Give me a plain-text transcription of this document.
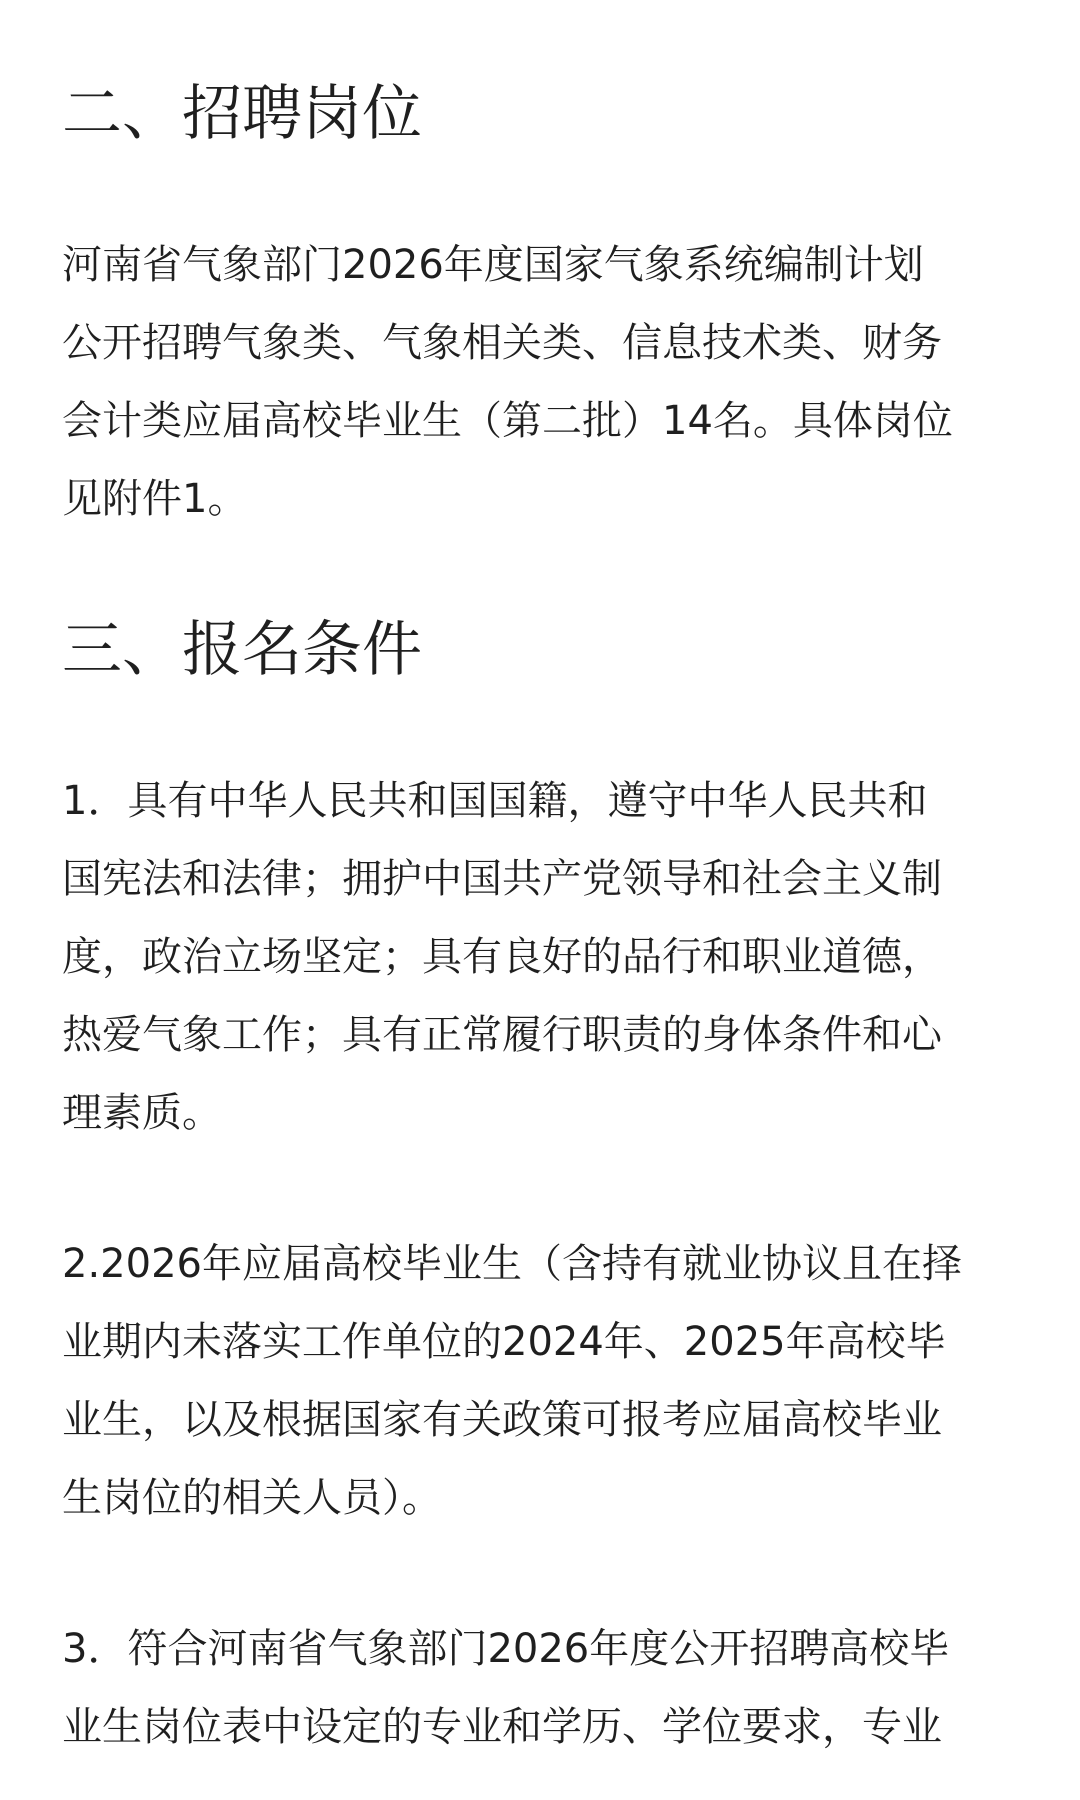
二、招聘岗位
河南省气象部门2026年度国家气象系统编制计划
公开招聘气象类、气象相关类、信息技术类、财务
会计类应届高校毕业生（第二批）14名。具体岗位
见附件1。
三、报名条件
1．具有中华人民共和国国籍，遵守中华人民共和
国宪法和法律；拥护中国共产党领导和社会主义制
度，政治立场坚定；具有良好的品行和职业道德，
热爱气象工作；具有正常履行职责的身体条件和心
理素质。
2.2026年应届高校毕业生（含持有就业协议且在择
业期内未落实工作单位的2024年、2025年高校毕
业生，以及根据国家有关政策可报考应届高校毕业
生岗位的相关人员）。
3．符合河南省气象部门2026年度公开招聘高校毕
业生岗位表中设定的专业和学历、学位要求，专业
